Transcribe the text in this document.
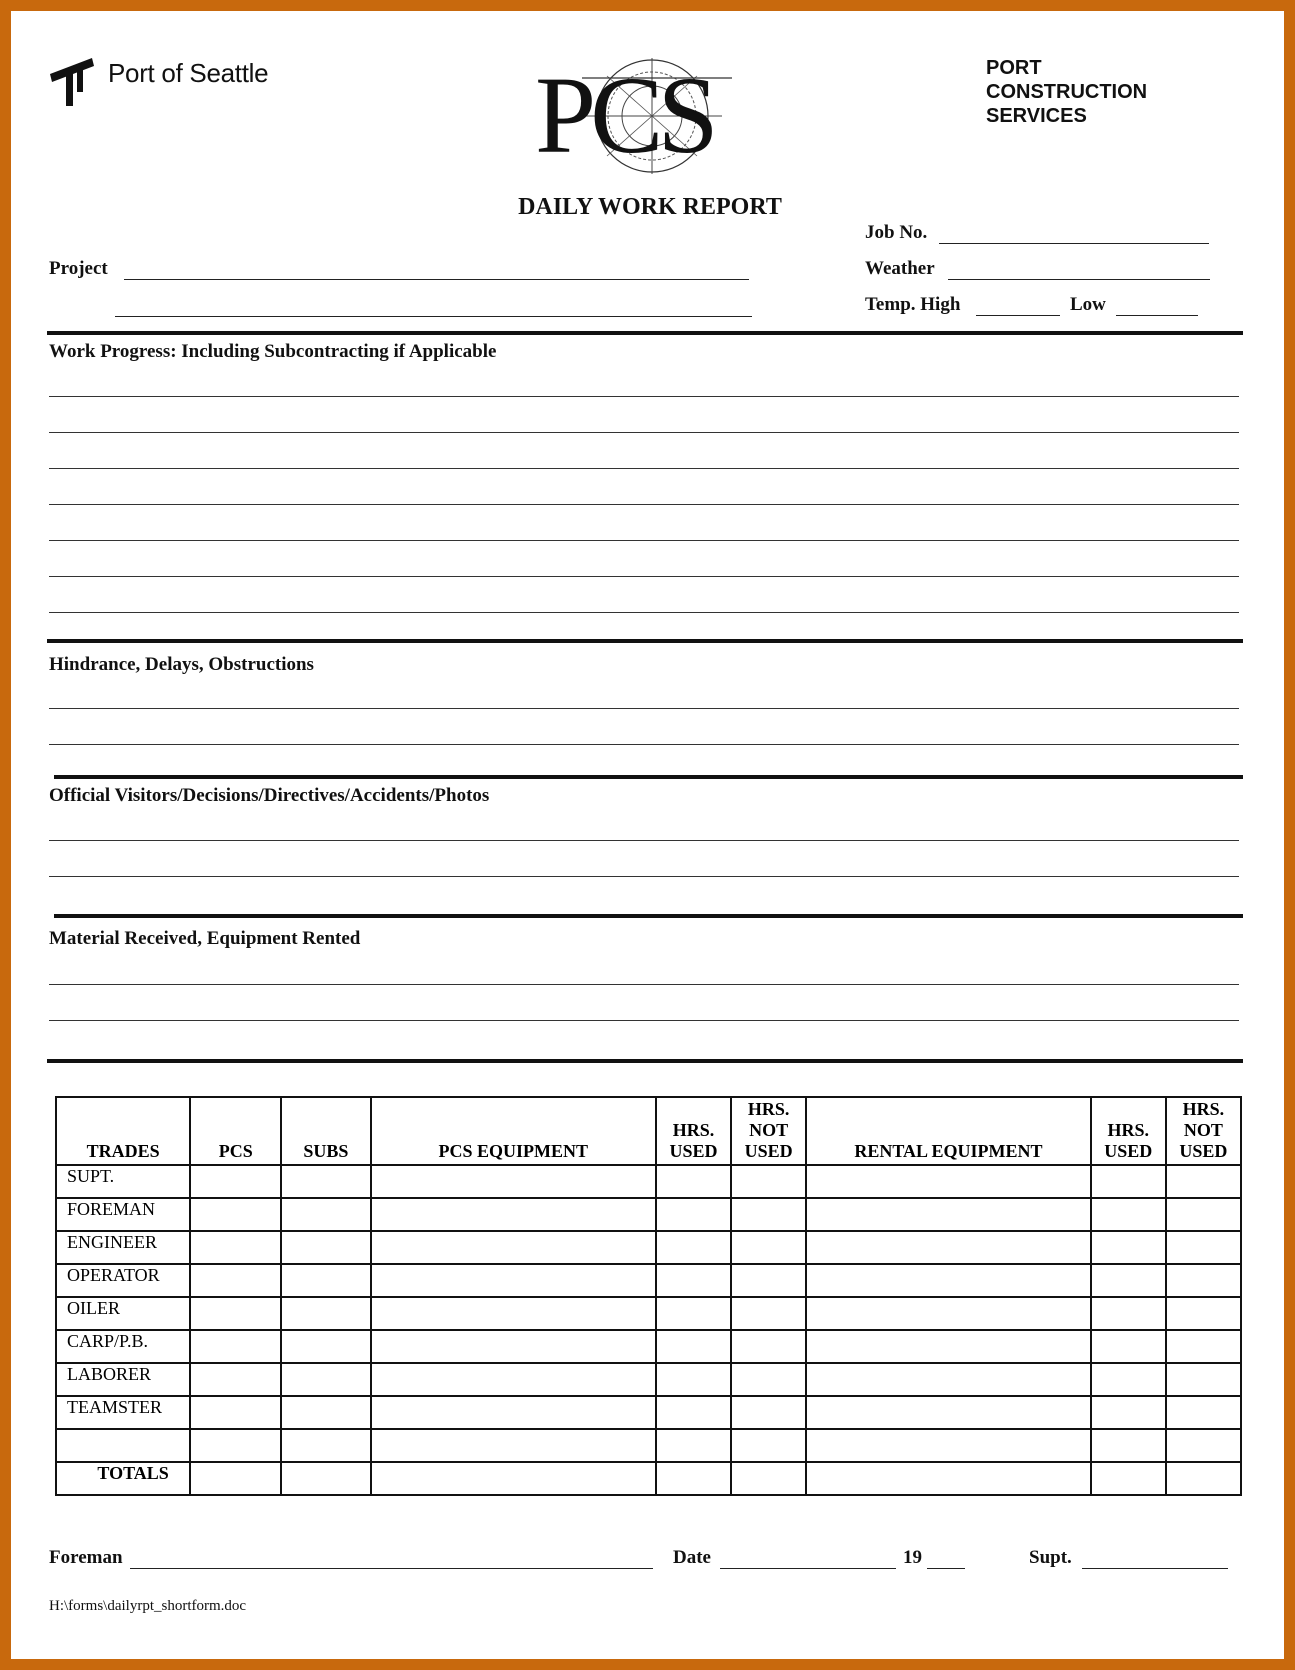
Port of Seattle PCS	PORT
CONSTRUCTION
SERVICES
DAILY WORK REPORT
Job No.
Project	Weather
Temp. High	Low
Work Progress: Including Subcontracting if Applicable
Hindrance, Delays, Obstructions
Official Visitors/Decisions/Directives/Accidents/Photos
Material Received, Equipment Rented
TRADES	PCS	SUBS	PCS EQUIPMENT	HRS. USED	HRS. NOT USED	RENTAL EQUIPMENT	HRS. USED	HRS. NOT USED
SUPT.								
FOREMAN								
ENGINEER								
OPERATOR								
OILER								
CARP/P.B.								
LABORER								
TEAMSTER								

TOTALS								
Foreman	Date	19	Supt.
H:\forms\dailyrpt_shortform.doc
